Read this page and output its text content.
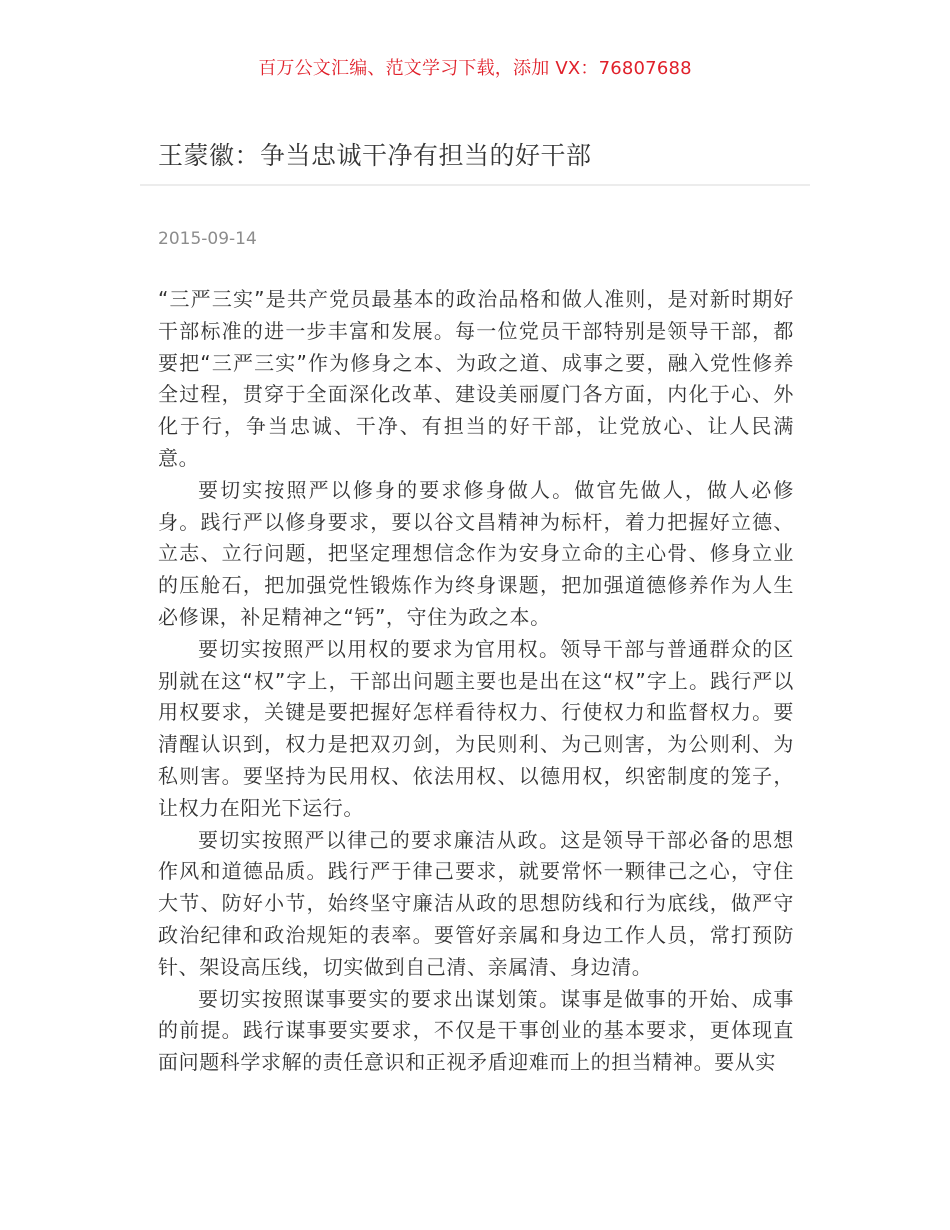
百万公文汇编、范文学习下载，添加 VX：76807688
王蒙徽：争当忠诚干净有担当的好干部
2015-09-14

“三严三实”是共产党员最基本的政治品格和做人准则，是对新时期好干部标准的进一步丰富和发展。每一位党员干部特别是领导干部，都要把“三严三实”作为修身之本、为政之道、成事之要，融入党性修养全过程，贯穿于全面深化改革、建设美丽厦门各方面，内化于心、外化于行，争当忠诚、干净、有担当的好干部，让党放心、让人民满意。

要切实按照严以修身的要求修身做人。做官先做人，做人必修身。践行严以修身要求，要以谷文昌精神为标杆，着力把握好立德、立志、立行问题，把坚定理想信念作为安身立命的主心骨、修身立业的压舱石，把加强党性锻炼作为终身课题，把加强道德修养作为人生必修课，补足精神之“钙”，守住为政之本。

要切实按照严以用权的要求为官用权。领导干部与普通群众的区别就在这“权”字上，干部出问题主要也是出在这“权”字上。践行严以用权要求，关键是要把握好怎样看待权力、行使权力和监督权力。要清醒认识到，权力是把双刃剑，为民则利、为己则害，为公则利、为私则害。要坚持为民用权、依法用权、以德用权，织密制度的笼子，让权力在阳光下运行。

要切实按照严以律己的要求廉洁从政。这是领导干部必备的思想作风和道德品质。践行严于律己要求，就要常怀一颗律己之心，守住大节、防好小节，始终坚守廉洁从政的思想防线和行为底线，做严守政治纪律和政治规矩的表率。要管好亲属和身边工作人员，常打预防针、架设高压线，切实做到自己清、亲属清、身边清。

要切实按照谋事要实的要求出谋划策。谋事是做事的开始、成事的前提。践行谋事要实要求，不仅是干事创业的基本要求，更体现直面问题科学求解的责任意识和正视矛盾迎难而上的担当精神。要从实
